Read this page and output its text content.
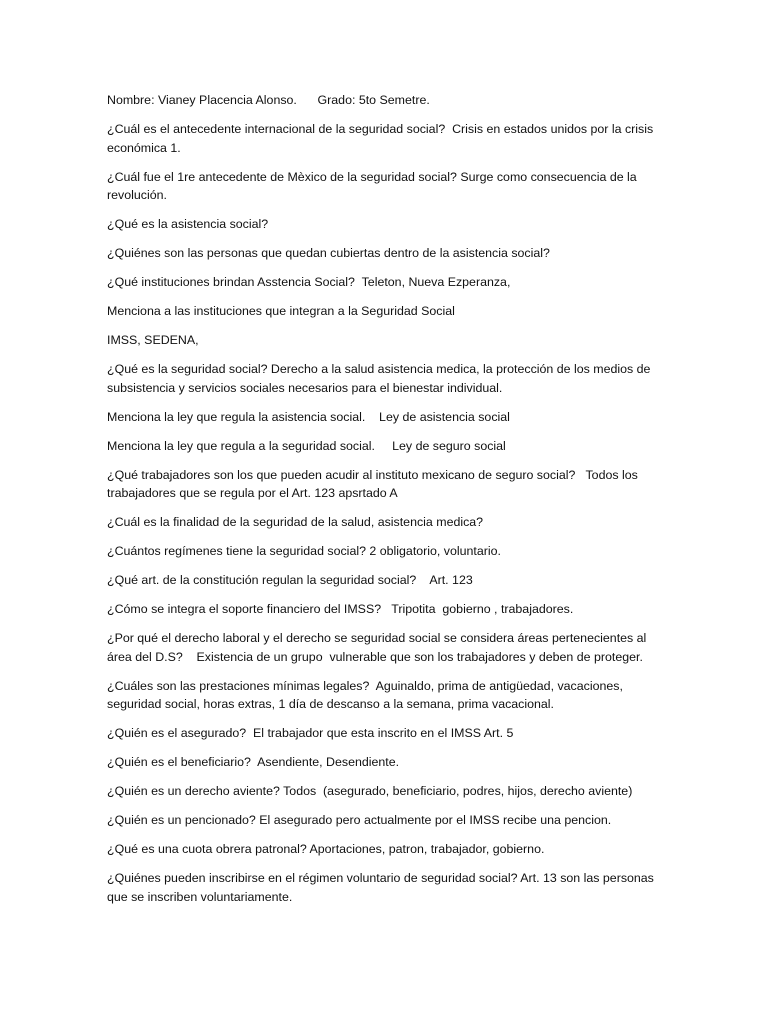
Nombre: Vianey Placencia Alonso.      Grado: 5to Semetre.

¿Cuál es el antecedente internacional de la seguridad social?  Crisis en estados unidos por la crisis económica 1.

¿Cuál fue el 1re antecedente de Mèxico de la seguridad social? Surge como consecuencia de la revolución.

¿Qué es la asistencia social?

¿Quiénes son las personas que quedan cubiertas dentro de la asistencia social?

¿Qué instituciones brindan Asstencia Social?  Teleton, Nueva Ezperanza,

Menciona a las instituciones que integran a la Seguridad Social

IMSS, SEDENA,

¿Qué es la seguridad social? Derecho a la salud asistencia medica, la protección de los medios de subsistencia y servicios sociales necesarios para el bienestar individual.

Menciona la ley que regula la asistencia social.    Ley de asistencia social

Menciona la ley que regula a la seguridad social.     Ley de seguro social

¿Qué trabajadores son los que pueden acudir al instituto mexicano de seguro social?   Todos los trabajadores que se regula por el Art. 123 apsrtado A

¿Cuál es la finalidad de la seguridad de la salud, asistencia medica?

¿Cuántos regímenes tiene la seguridad social? 2 obligatorio, voluntario.

¿Qué art. de la constitución regulan la seguridad social?    Art. 123

¿Cómo se integra el soporte financiero del IMSS?   Tripotita  gobierno , trabajadores.

¿Por qué el derecho laboral y el derecho se seguridad social se considera áreas pertenecientes al área del D.S?    Existencia de un grupo  vulnerable que son los trabajadores y deben de proteger.

¿Cuáles son las prestaciones mínimas legales?  Aguinaldo, prima de antigüedad, vacaciones, seguridad social, horas extras, 1 día de descanso a la semana, prima vacacional.

¿Quién es el asegurado?  El trabajador que esta inscrito en el IMSS Art. 5

¿Quién es el beneficiario?  Asendiente, Desendiente.

¿Quién es un derecho aviente? Todos  (asegurado, beneficiario, podres, hijos, derecho aviente)

¿Quién es un pencionado? El asegurado pero actualmente por el IMSS recibe una pencion.

¿Qué es una cuota obrera patronal? Aportaciones, patron, trabajador, gobierno.

¿Quiénes pueden inscribirse en el régimen voluntario de seguridad social? Art. 13 son las personas que se inscriben voluntariamente.
